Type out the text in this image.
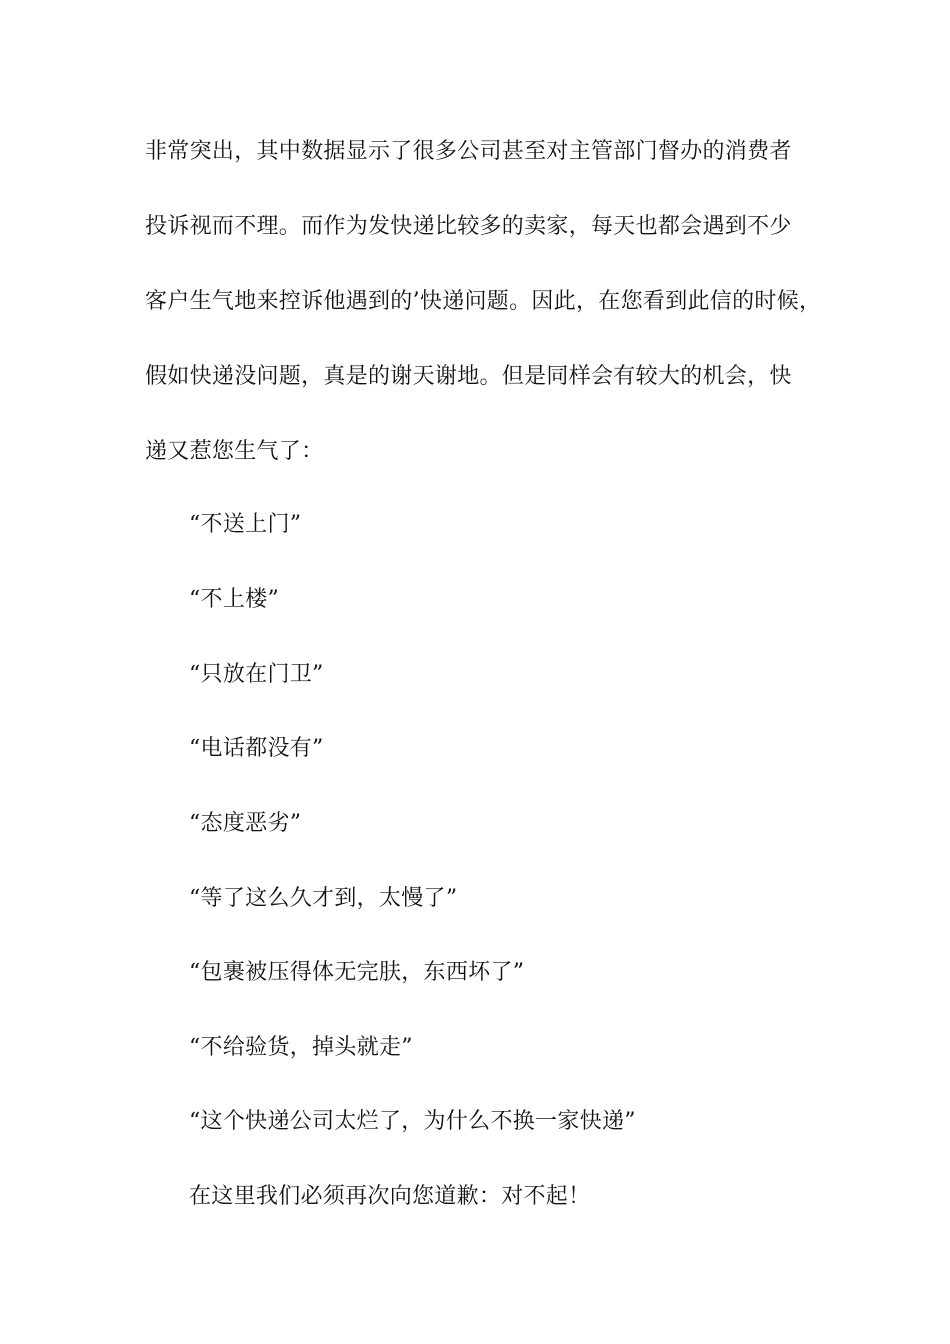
非常突出，其中数据显示了很多公司甚至对主管部门督办的消费者
投诉视而不理。而作为发快递比较多的卖家，每天也都会遇到不少
客户生气地来控诉他遇到的’快递问题。因此，在您看到此信的时候，
假如快递没问题，真是的谢天谢地。但是同样会有较大的机会，快
递又惹您生气了：
“不送上门”
“不上楼”
“只放在门卫”
“电话都没有”
“态度恶劣”
“等了这么久才到，太慢了”
“包裹被压得体无完肤，东西坏了”
“不给验货，掉头就走”
“这个快递公司太烂了，为什么不换一家快递”
在这里我们必须再次向您道歉：对不起！
